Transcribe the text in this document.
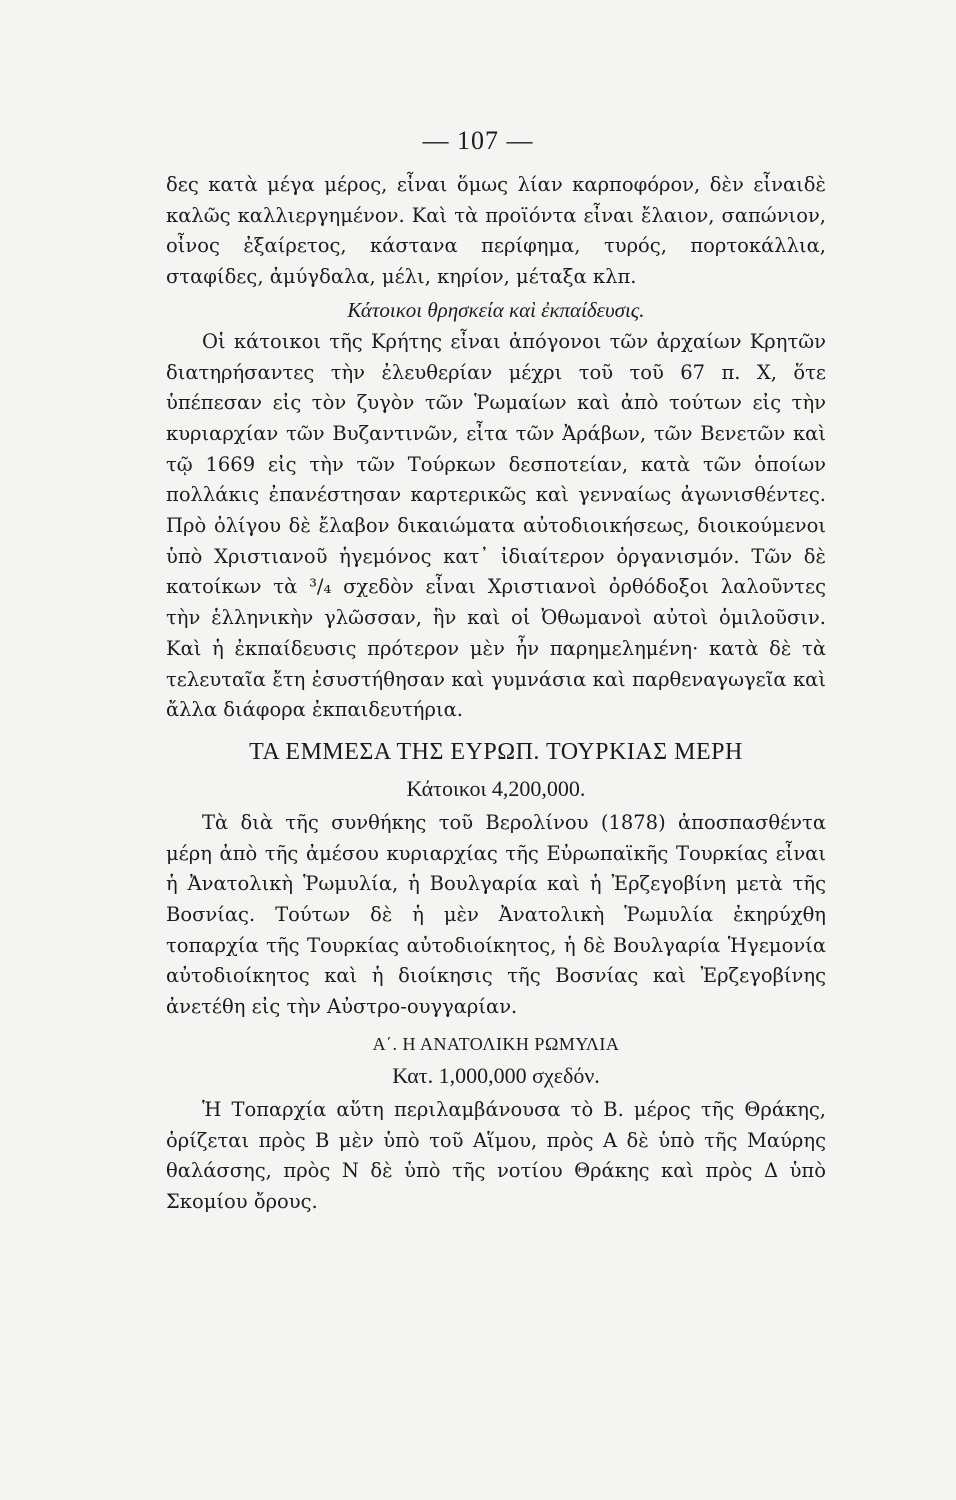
— 107 —

δες κατὰ μέγα μέρος, εἶναι ὅμως λίαν καρποφόρον, δὲν εἶναιδὲ καλῶς καλλιεργημένον. Καὶ τὰ προϊόντα εἶναι ἔλαιον, σαπώνιον, οἶνος ἐξαίρετος, κάστανα περίφημα, τυρός, πορτοκάλλια, σταφίδες, ἀμύγδαλα, μέλι, κηρίον, μέταξα κλπ.

Κάτοικοι θρησκεία καὶ ἐκπαίδευσις.

Οἱ κάτοικοι τῆς Κρήτης εἶναι ἀπόγονοι τῶν ἀρχαίων Κρητῶν διατηρήσαντες τὴν ἐλευθερίαν μέχρι τοῦ τοῦ 67 π. Χ, ὅτε ὑπέπεσαν εἰς τὸν ζυγὸν τῶν Ῥωμαίων καὶ ἀπὸ τούτων εἰς τὴν κυριαρχίαν τῶν Βυζαντινῶν, εἶτα τῶν Ἀράβων, τῶν Βενετῶν καὶ τῷ 1669 εἰς τὴν τῶν Τούρκων δεσποτείαν, κατὰ τῶν ὁποίων πολλάκις ἐπανέστησαν καρτερικῶς καὶ γενναίως ἀγωνισθέντες. Πρὸ ὀλίγου δὲ ἔλαβον δικαιώματα αὐτοδιοικήσεως, διοικούμενοι ὑπὸ Χριστιανοῦ ἡγεμόνος κατ᾽ ἰδιαίτερον ὀργανισμόν. Τῶν δὲ κατοίκων τὰ ³/₄ σχεδὸν εἶναι Χριστιανοὶ ὀρθόδοξοι λαλοῦντες τὴν ἑλληνικὴν γλῶσσαν, ἣν καὶ οἱ Ὀθωμανοὶ αὐτοὶ ὁμιλοῦσιν. Καὶ ἡ ἐκπαίδευσις πρότερον μὲν ἦν παρημελημένη· κατὰ δὲ τὰ τελευταῖα ἔτη ἐσυστήθησαν καὶ γυμνάσια καὶ παρθεναγωγεῖα καὶ ἄλλα διάφορα ἐκπαιδευτήρια.

ΤΑ ΕΜΜΕΣΑ ΤΗΣ ΕΥΡΩΠ. ΤΟΥΡΚΙΑΣ ΜΕΡΗ
Κάτοικοι 4,200,000.

Τὰ διὰ τῆς συνθήκης τοῦ Βερολίνου (1878) ἀποσπασθέντα μέρη ἀπὸ τῆς ἀμέσου κυριαρχίας τῆς Εὐρωπαϊκῆς Τουρκίας εἶναι ἡ Ἀνατολικὴ Ῥωμυλία, ἡ Βουλγαρία καὶ ἡ Ἐρζεγοβίνη μετὰ τῆς Βοσνίας. Τούτων δὲ ἡ μὲν Ἀνατολικὴ Ῥωμυλία ἐκηρύχθη τοπαρχία τῆς Τουρκίας αὐτοδιοίκητος, ἡ δὲ Βουλγαρία Ἡγεμονία αὐτοδιοίκητος καὶ ἡ διοίκησις τῆς Βοσνίας καὶ Ἐρζεγοβίνης ἀνετέθη εἰς τὴν Αὐστρο-ουγγαρίαν.

Α΄. Η ΑΝΑΤΟΛΙΚΗ ΡΩΜΥΛΙΑ
Κατ. 1,000,000 σχεδόν.

Ἡ Τοπαρχία αὕτη περιλαμβάνουσα τὸ Β. μέρος τῆς Θράκης, ὁρίζεται πρὸς Β μὲν ὑπὸ τοῦ Αἵμου, πρὸς Α δὲ ὑπὸ τῆς Μαύρης θαλάσσης, πρὸς Ν δὲ ὑπὸ τῆς νοτίου Θράκης καὶ πρὸς Δ ὑπὸ Σκομίου ὄρους.
